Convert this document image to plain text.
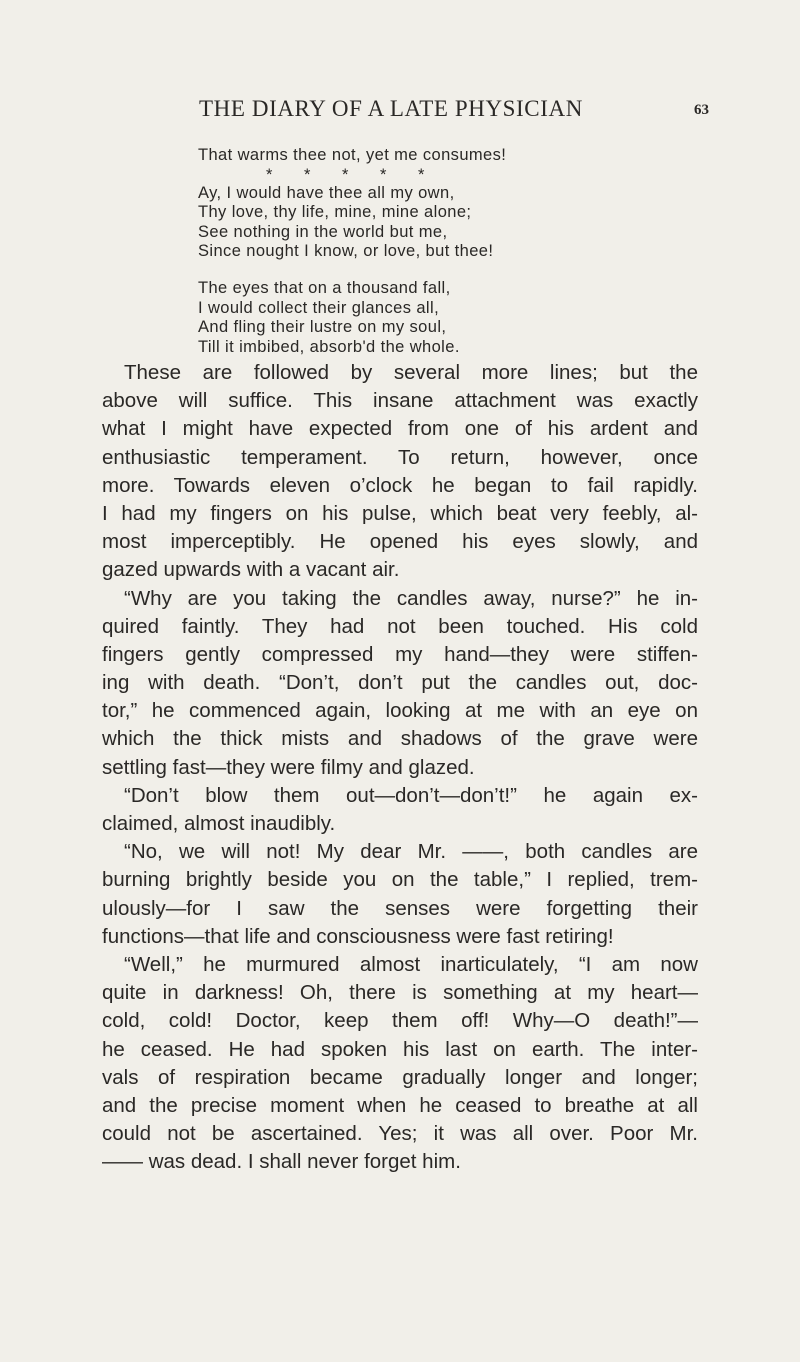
THE DIARY OF A LATE PHYSICIAN	63
That warms thee not, yet me consumes!
* * * * *
Ay, I would have thee all my own,
Thy love, thy life, mine, mine alone;
See nothing in the world but me,
Since nought I know, or love, but thee!
The eyes that on a thousand fall,
I would collect their glances all,
And fling their lustre on my soul,
Till it imbibed, absorb'd the whole.
These are followed by several more lines; but the
above will suffice. This insane attachment was exactly
what I might have expected from one of his ardent and
enthusiastic temperament. To return, however, once
more. Towards eleven o’clock he began to fail rapidly.
I had my fingers on his pulse, which beat very feebly, al-
most imperceptibly. He opened his eyes slowly, and
gazed upwards with a vacant air.
“Why are you taking the candles away, nurse?” he in-
quired faintly. They had not been touched. His cold
fingers gently compressed my hand—they were stiffen-
ing with death. “Don’t, don’t put the candles out, doc-
tor,” he commenced again, looking at me with an eye on
which the thick mists and shadows of the grave were
settling fast—they were filmy and glazed.
“Don’t blow them out—don’t—don’t!” he again ex-
claimed, almost inaudibly.
“No, we will not! My dear Mr. ——, both candles are
burning brightly beside you on the table,” I replied, trem-
ulously—for I saw the senses were forgetting their
functions—that life and consciousness were fast retiring!
“Well,” he murmured almost inarticulately, “I am now
quite in darkness! Oh, there is something at my heart—
cold, cold! Doctor, keep them off! Why—O death!”—
he ceased. He had spoken his last on earth. The inter-
vals of respiration became gradually longer and longer;
and the precise moment when he ceased to breathe at all
could not be ascertained. Yes; it was all over. Poor Mr.
—— was dead. I shall never forget him.
